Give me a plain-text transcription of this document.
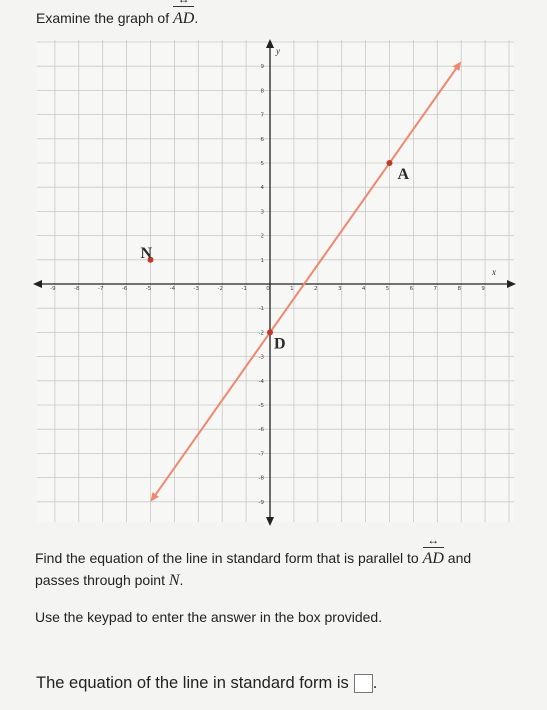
Examine the graph of AD ↔.
x
y
-9	-8	-7	-6	-5	-4	-3	-2	-1	0	1	2	3	4	5	6	7	8	9
-9
-8
-7
-6
-5
-4
-3
-2
-1
1
2
3
4
5
6
7
8
9
A
D
N
Find the equation of the line in standard form that is parallel to AD ↔ and
passes through point N.
Use the keypad to enter the answer in the box provided.
The equation of the line in standard form is .
